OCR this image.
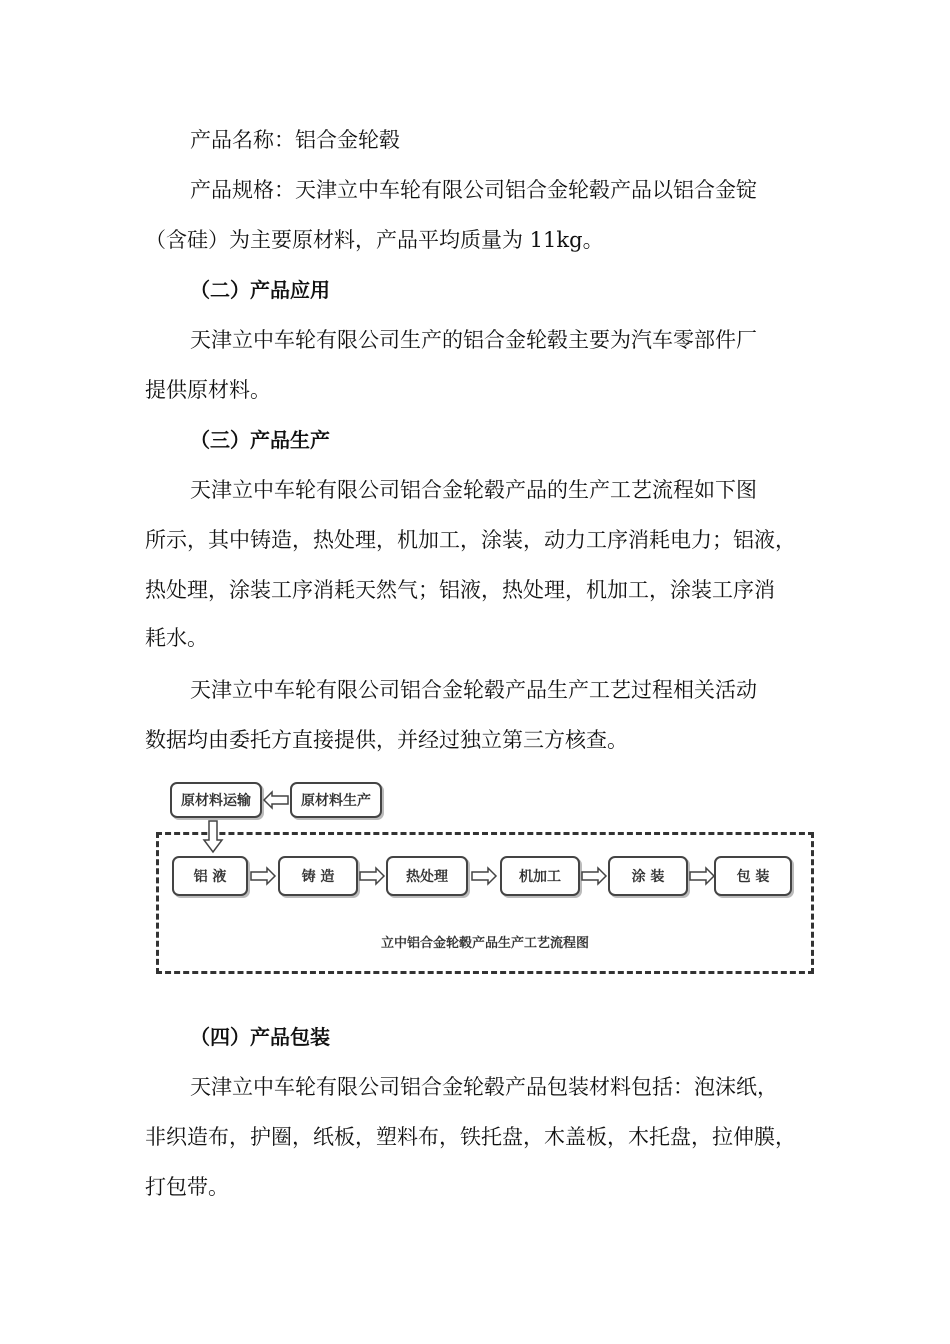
产品名称：铝合金轮毂
产品规格：天津立中车轮有限公司铝合金轮毂产品以铝合金锭
（含硅）为主要原材料，产品平均质量为 11kg。
（二）产品应用
天津立中车轮有限公司生产的铝合金轮毂主要为汽车零部件厂
提供原材料。
（三）产品生产
天津立中车轮有限公司铝合金轮毂产品的生产工艺流程如下图
所示，其中铸造，热处理，机加工，涂装，动力工序消耗电力；铝液，
热处理，涂装工序消耗天然气；铝液，热处理，机加工，涂装工序消
耗水。
天津立中车轮有限公司铝合金轮毂产品生产工艺过程相关活动
数据均由委托方直接提供，并经过独立第三方核查。
原材料运输	原材料生产
铝 液	铸 造	热处理	机加工	涂 装	包 装
立中铝合金轮毂产品生产工艺流程图
（四）产品包装
天津立中车轮有限公司铝合金轮毂产品包装材料包括：泡沫纸，
非织造布，护圈，纸板，塑料布，铁托盘，木盖板，木托盘，拉伸膜，
打包带。
